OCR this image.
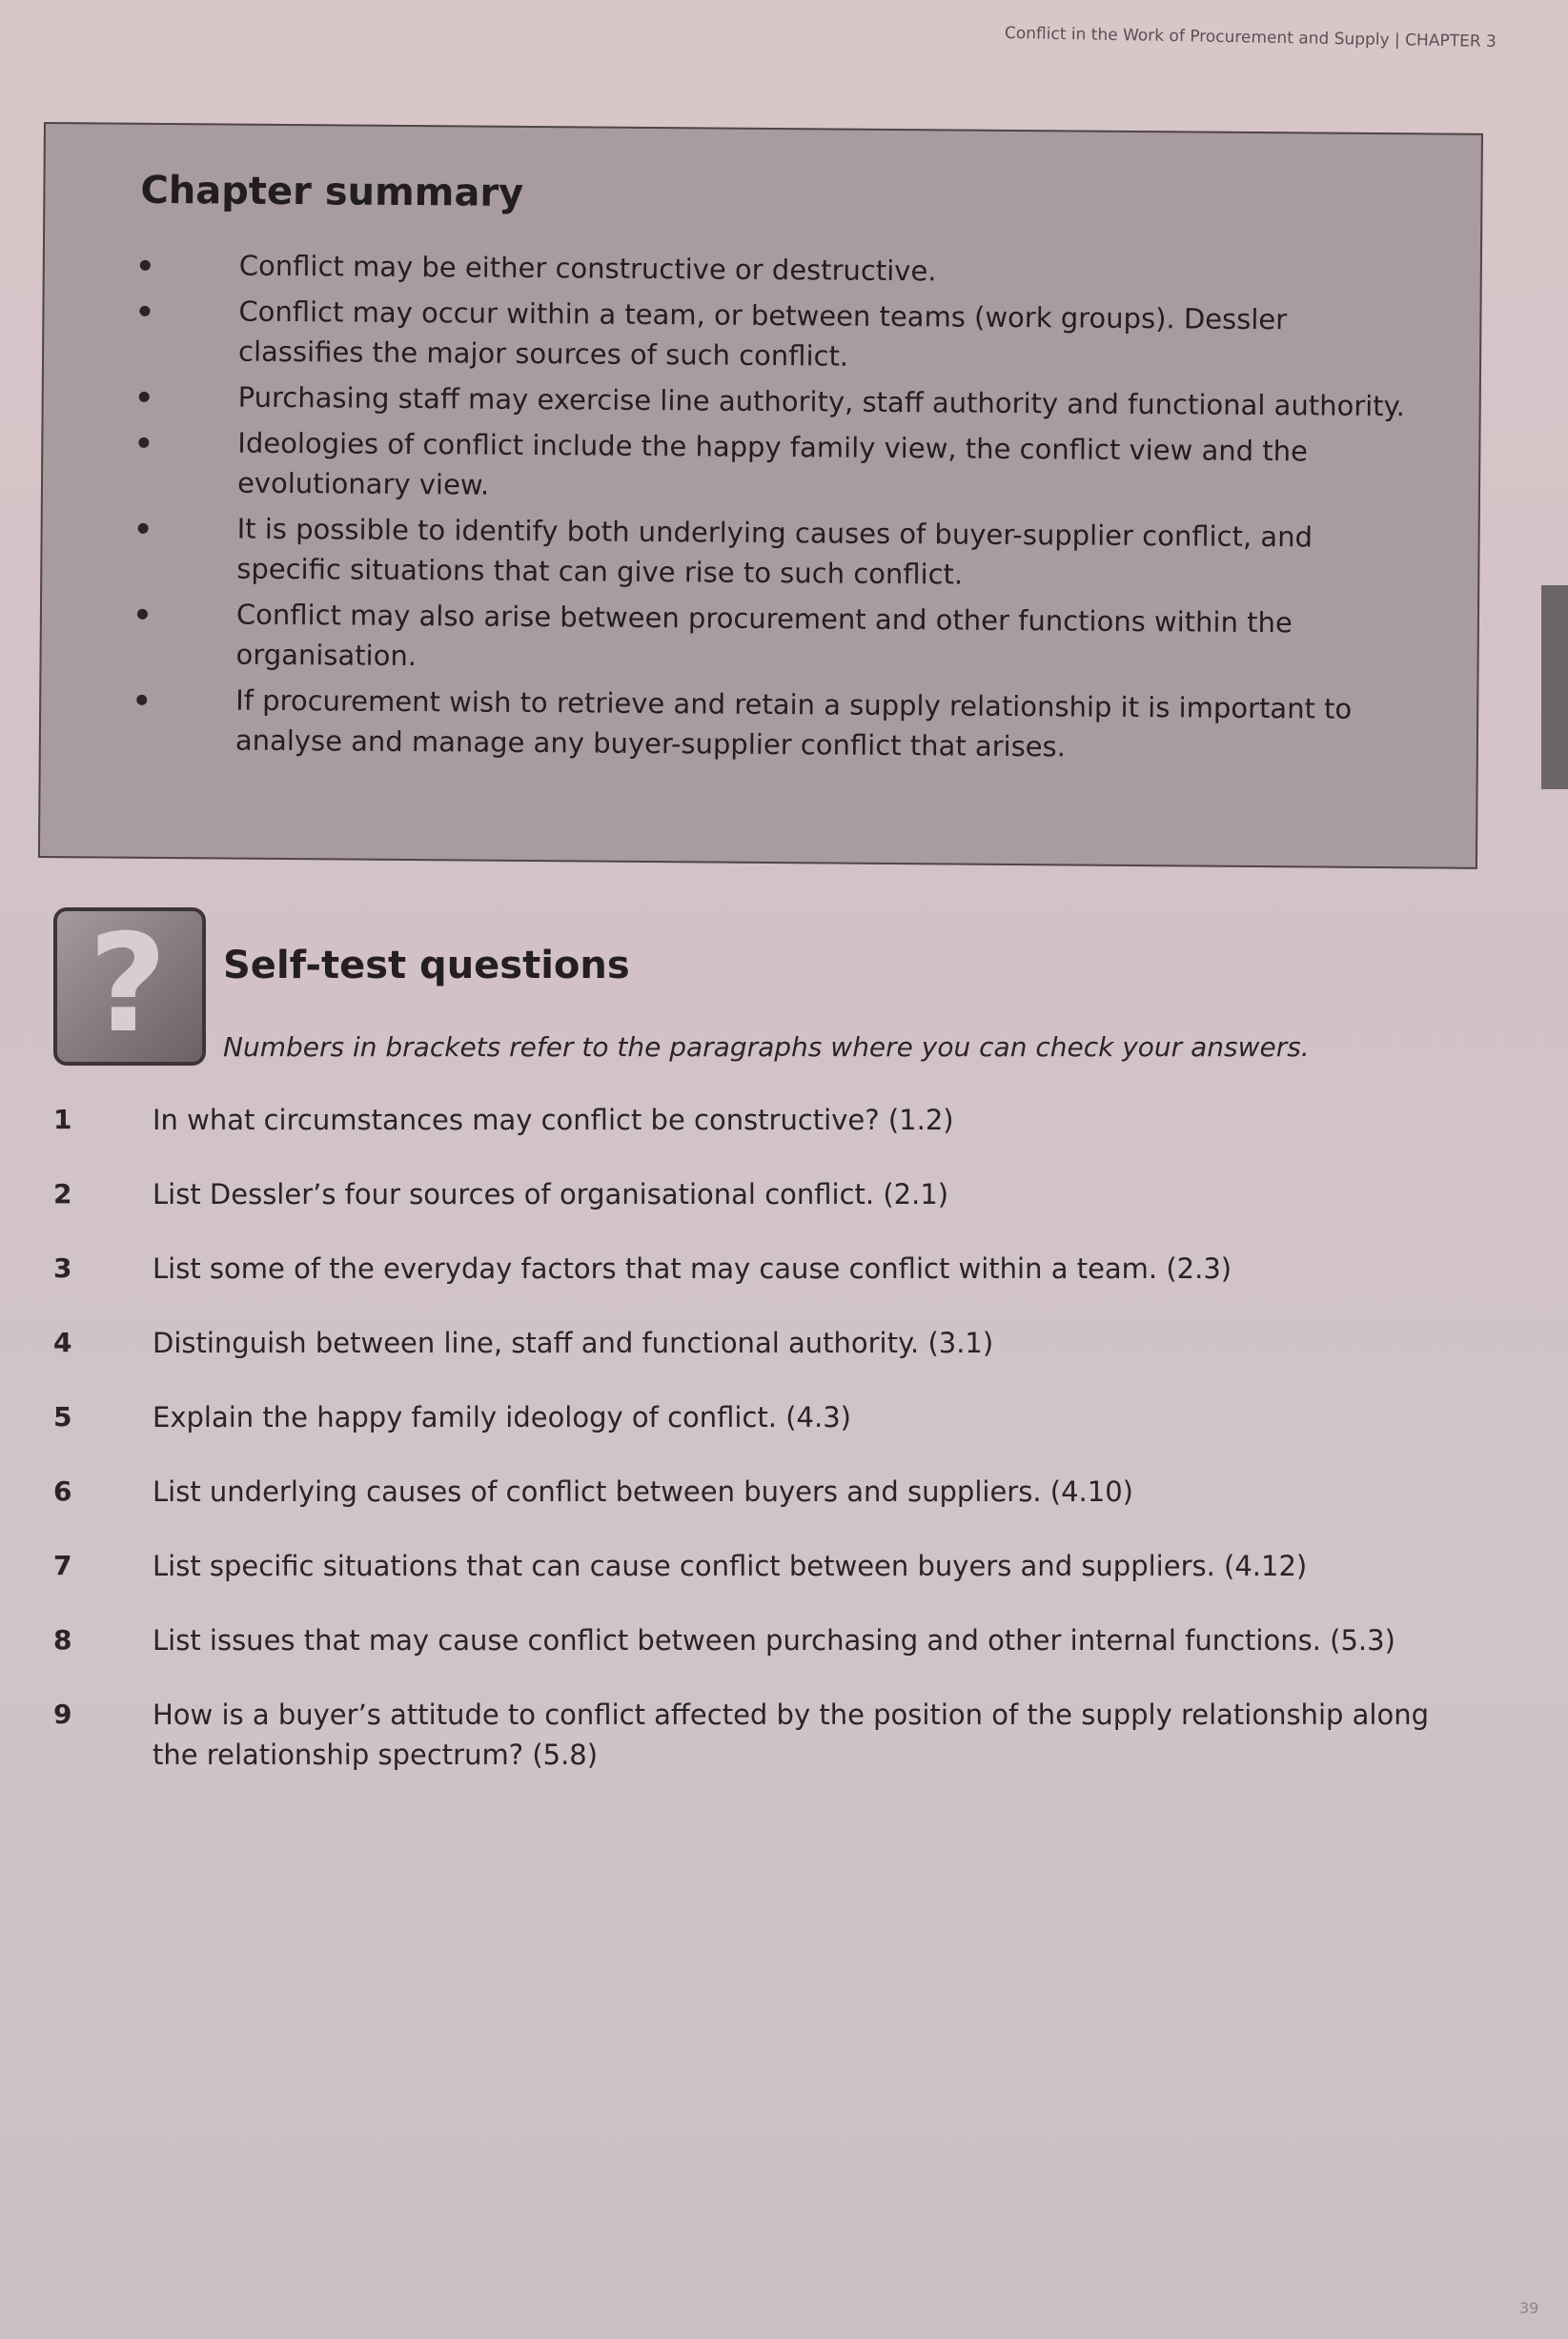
Conflict in the Work of Procurement and Supply | CHAPTER 3
Chapter summary
Conflict may be either constructive or destructive.
Conflict may occur within a team, or between teams (work groups). Dessler classifies the major sources of such conflict.
Purchasing staff may exercise line authority, staff authority and functional authority.
Ideologies of conflict include the happy family view, the conflict view and the evolutionary view.
It is possible to identify both underlying causes of buyer-supplier conflict, and specific situations that can give rise to such conflict.
Conflict may also arise between procurement and other functions within the organisation.
If procurement wish to retrieve and retain a supply relationship it is important to analyse and manage any buyer-supplier conflict that arises.
? Self-test questions

Numbers in brackets refer to the paragraphs where you can check your answers.

1	In what circumstances may conflict be constructive? (1.2)
2	List Dessler’s four sources of organisational conflict. (2.1)
3	List some of the everyday factors that may cause conflict within a team. (2.3)
4	Distinguish between line, staff and functional authority. (3.1)
5	Explain the happy family ideology of conflict. (4.3)
6	List underlying causes of conflict between buyers and suppliers. (4.10)
7	List specific situations that can cause conflict between buyers and suppliers. (4.12)
8	List issues that may cause conflict between purchasing and other internal functions. (5.3)
9	How is a buyer’s attitude to conflict affected by the position of the supply relationship along the relationship spectrum? (5.8)
39
